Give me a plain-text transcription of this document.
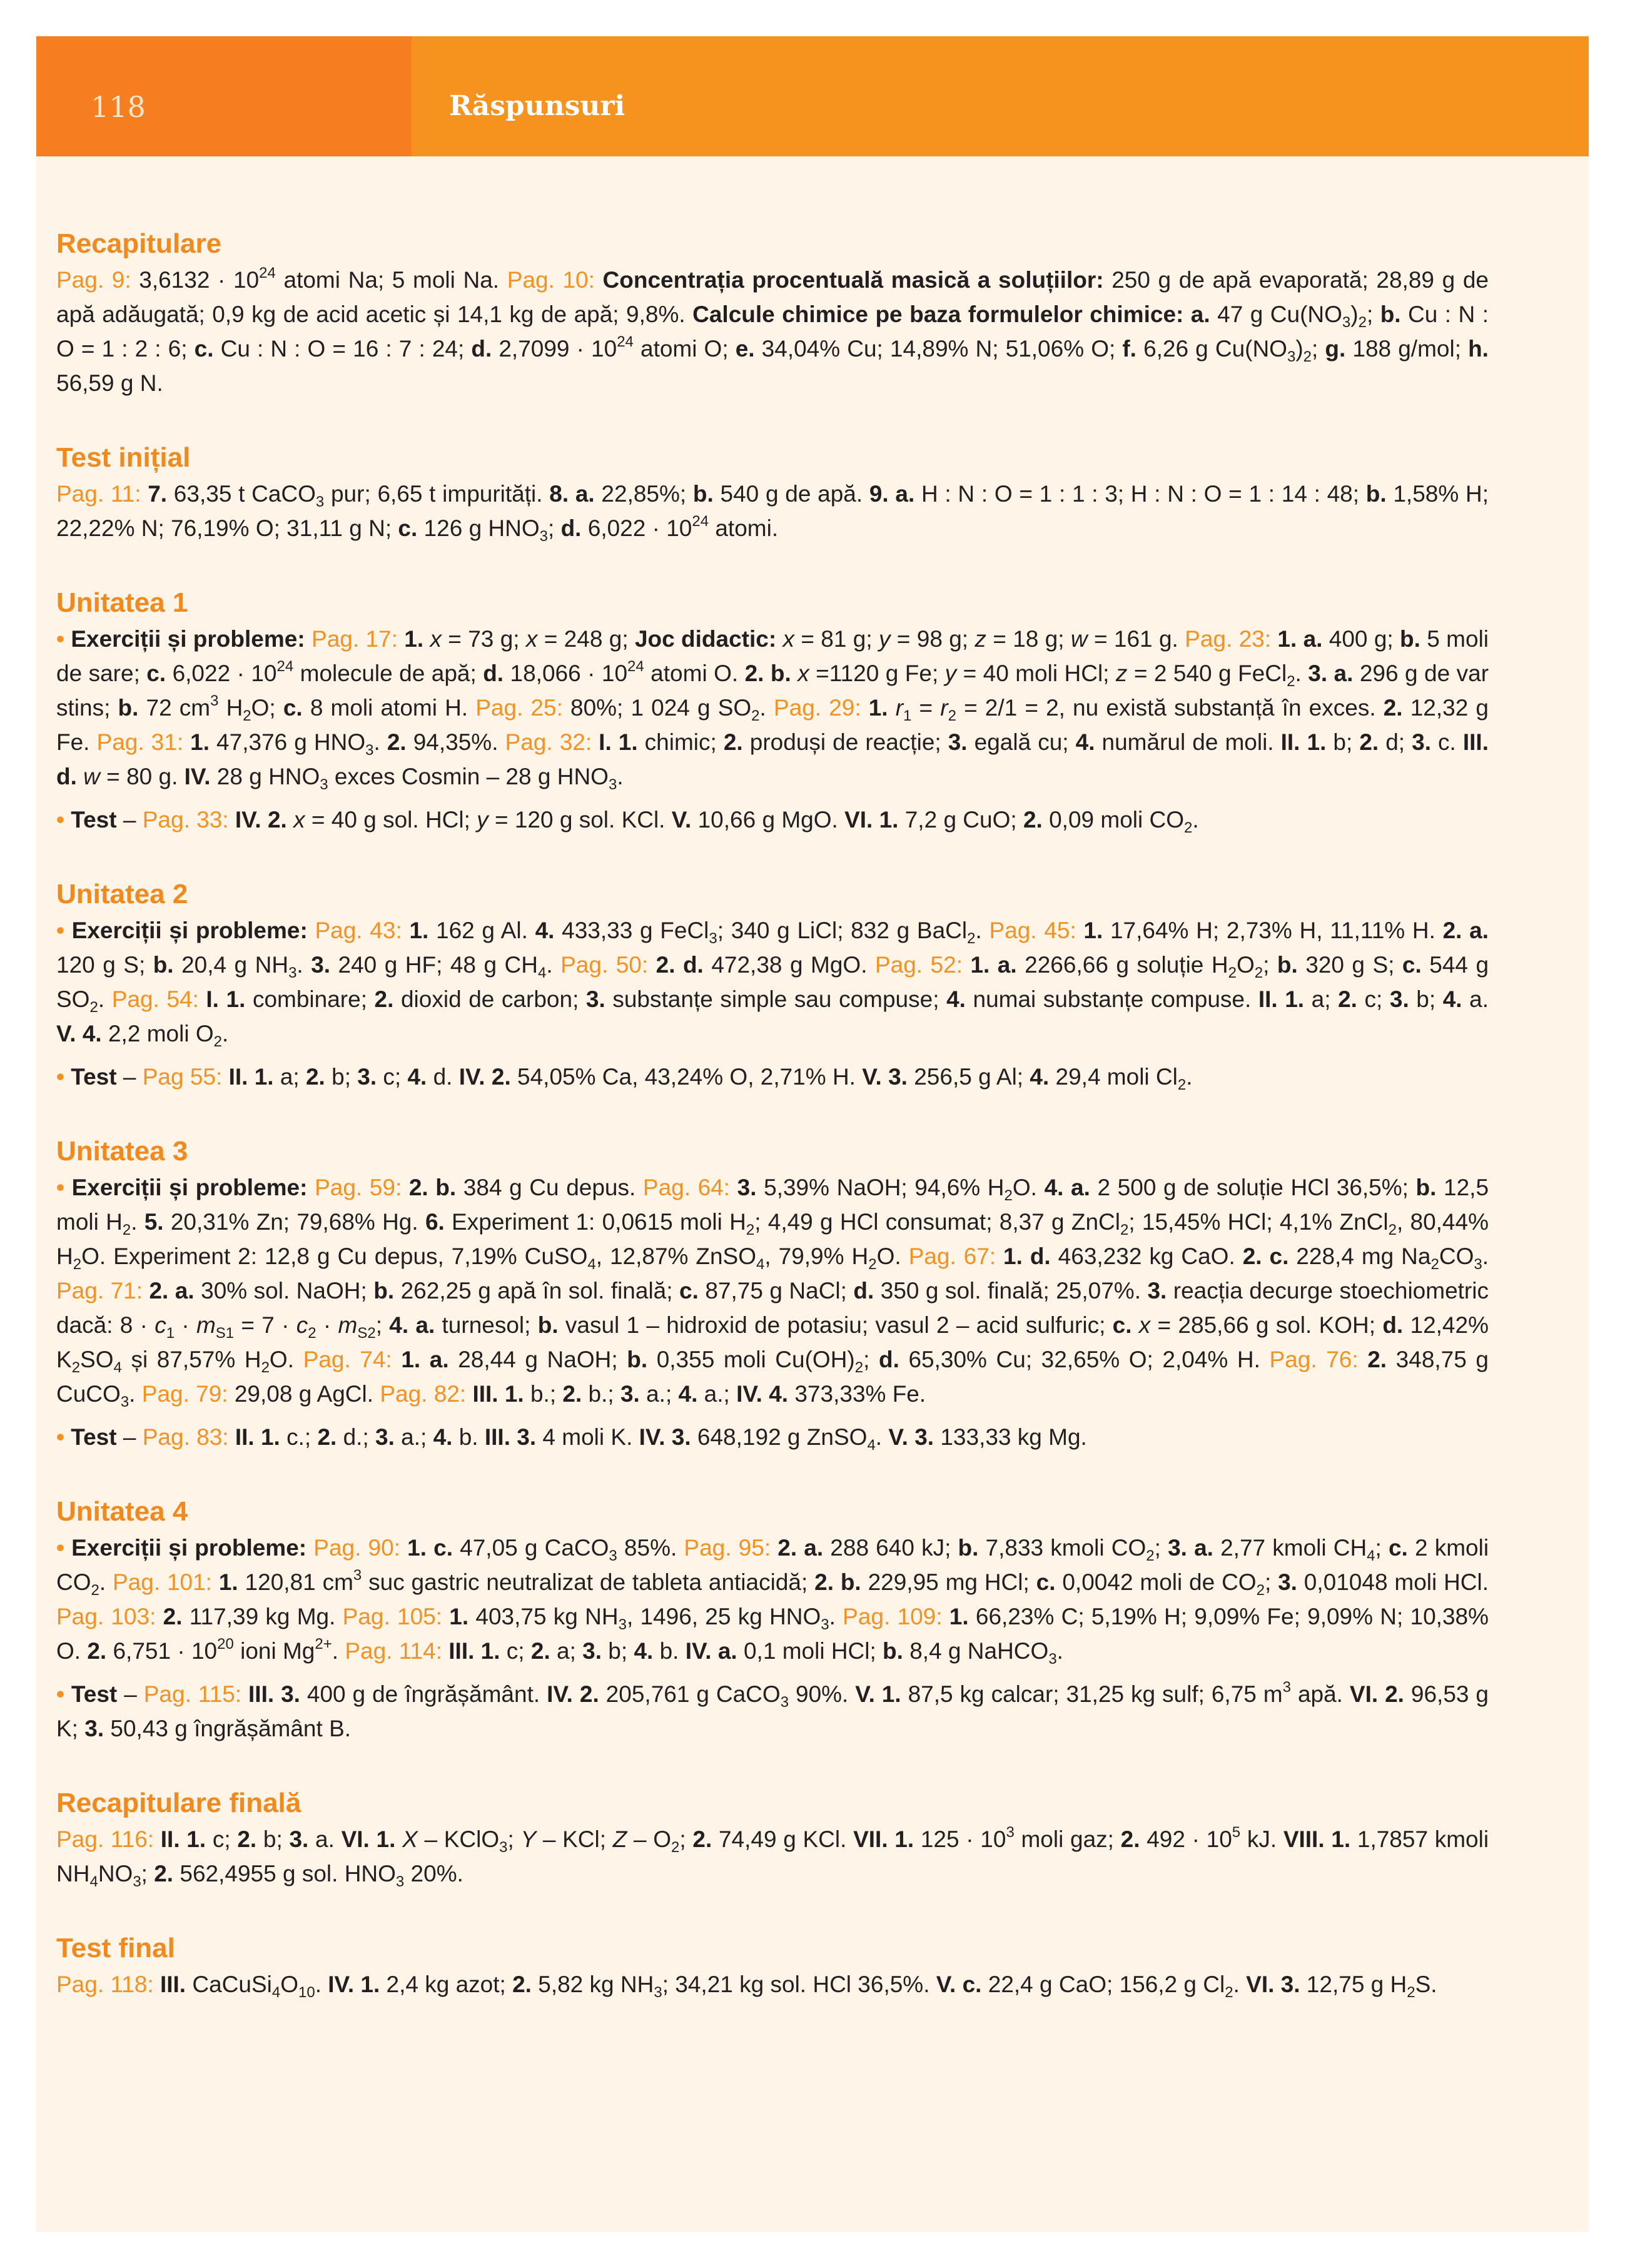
118	Răspunsuri
Recapitulare

Pag. 9: $3,6132 \cdot 10^{24}$ atomi Na; 5 moli Na. Pag. 10: Concentrația procentuală masică a soluțiilor: 250 g de apă evaporată; 28,89 g de apă adăugată; 0,9 kg de acid acetic și 14,1 kg de apă; 9,8%. Calcule chimice pe baza formulelor chimice: a. 47 g $Cu(NO_3)_2$; b. Cu : N : O = 1 : 2 : 6; c. Cu : N : O = 16 : 7 : 24; d. $2,7099 \cdot 10^{24}$ atomi O; e. 34,04% Cu; 14,89% N; 51,06% O; f. 6,26 g $Cu(NO_3)_2$; g. 188 g/mol; h. 56,59 g N.

Test inițial

Pag. 11: 7. 63,35 t CaCO$_3$ pur; 6,65 t impurități. 8. a. 22,85%; b. 540 g de apă. 9. a. H : N : O = 1 : 1 : 3; H : N : O = 1 : 14 : 48; b. 1,58% H; 22,22% N; 76,19% O; 31,11 g N; c. 126 g $HNO_3$; d. $6,022 \cdot 10^{24}$ atomi.

Unitatea 1

• Exerciții și probleme: Pag. 17: 1. x = 73 g; x = 248 g; Joc didactic: x = 81 g; y = 98 g; z = 18 g; w = 161 g. Pag. 23: 1. a. 400 g; b. 5 moli de sare; c. $6,022 \cdot 10^{24}$ molecule de apă; d. $18,066 \cdot 10^{24}$ atomi O. 2. b. x =1120 g Fe; y = 40 moli HCl; z = 2 540 g FeCl$_2$. 3. a. 296 g de var stins; b. 72 $cm^3$ $H_2O$; c. 8 moli atomi H. Pag. 25: 80%; 1 024 g $SO_2$. Pag. 29: 1. $r_1 = r_2 = 2/1 = 2$, nu există substanță în exces. 2. 12,32 g Fe. Pag. 31: 1. 47,376 g $HNO_3$. 2. 94,35%. Pag. 32: I. 1. chimic; 2. produși de reacție; 3. egală cu; 4. numărul de moli. II. 1. b; 2. d; 3. c. III. d. w = 80 g. IV. 28 g $HNO_3$ exces Cosmin – 28 g $HNO_3$.

• Test – Pag. 33: IV. 2. x = 40 g sol. HCl; y = 120 g sol. KCl. V. 10,66 g MgO. VI. 1. 7,2 g CuO; 2. 0,09 moli $CO_2$.

Unitatea 2

• Exerciții și probleme: Pag. 43: 1. 162 g Al. 4. 433,33 g FeCl$_3$; 340 g LiCl; 832 g BaCl$_2$. Pag. 45: 1. 17,64% H; 2,73% H, 11,11% H. 2. a. 120 g S; b. 20,4 g $NH_3$. 3. 240 g HF; 48 g $CH_4$. Pag. 50: 2. d. 472,38 g MgO. Pag. 52: 1. a. 2266,66 g soluție $H_2O_2$; b. 320 g S; c. 544 g $SO_2$. Pag. 54: I. 1. combinare; 2. dioxid de carbon; 3. substanțe simple sau compuse; 4. numai substanțe compuse. II. 1. a; 2. c; 3. b; 4. a. V. 4. 2,2 moli $O_2$.

• Test – Pag 55: II. 1. a; 2. b; 3. c; 4. d. IV. 2. 54,05% Ca, 43,24% O, 2,71% H. V. 3. 256,5 g Al; 4. 29,4 moli $Cl_2$.

Unitatea 3

• Exerciții și probleme: Pag. 59: 2. b. 384 g Cu depus. Pag. 64: 3. 5,39% NaOH; 94,6% $H_2O$. 4. a. 2 500 g de soluție HCl 36,5%; b. 12,5 moli $H_2$. 5. 20,31% Zn; 79,68% Hg. 6. Experiment 1: 0,0615 moli $H_2$; 4,49 g HCl consumat; 8,37 g ZnCl$_2$; 15,45% HCl; 4,1% ZnCl$_2$, 80,44% $H_2O$. Experiment 2: 12,8 g Cu depus, 7,19% CuSO$_4$, 12,87% ZnSO$_4$, 79,9% $H_2O$. Pag. 67: 1. d. 463,232 kg CaO. 2. c. 228,4 mg $Na_2CO_3$. Pag. 71: 2. a. 30% sol. NaOH; b. 262,25 g apă în sol. finală; c. 87,75 g NaCl; d. 350 g sol. finală; 25,07%. 3. reacția decurge stoechiometric dacă: $8 \cdot c_1 \cdot m_{S1} = 7 \cdot c_2 \cdot m_{S2}$; 4. a. turnesol; b. vasul 1 – hidroxid de potasiu; vasul 2 – acid sulfuric; c. x = 285,66 g sol. KOH; d. 12,42% $K_2SO_4$ și 87,57% $H_2O$. Pag. 74: 1. a. 28,44 g NaOH; b. 0,355 moli $Cu(OH)_2$; d. 65,30% Cu; 32,65% O; 2,04% H. Pag. 76: 2. 348,75 g CuCO$_3$. Pag. 79: 29,08 g AgCl. Pag. 82: III. 1. b.; 2. b.; 3. a.; 4. a.; IV. 4. 373,33% Fe.

• Test – Pag. 83: II. 1. c.; 2. d.; 3. a.; 4. b. III. 3. 4 moli K. IV. 3. 648,192 g ZnSO$_4$. V. 3. 133,33 kg Mg.

Unitatea 4

• Exerciții și probleme: Pag. 90: 1. c. 47,05 g CaCO$_3$ 85%. Pag. 95: 2. a. 288 640 kJ; b. 7,833 kmoli $CO_2$; 3. a. 2,77 kmoli $CH_4$; c. 2 kmoli $CO_2$. Pag. 101: 1. 120,81 $cm^3$ suc gastric neutralizat de tableta antiacidă; 2. b. 229,95 mg HCl; c. 0,0042 moli de $CO_2$; 3. 0,01048 moli HCl. Pag. 103: 2. 117,39 kg Mg. Pag. 105: 1. 403,75 kg $NH_3$, 1496, 25 kg $HNO_3$. Pag. 109: 1. 66,23% C; 5,19% H; 9,09% Fe; 9,09% N; 10,38% O. 2. $6,751 \cdot 10^{20}$ ioni $Mg^{2+}$. Pag. 114: III. 1. c; 2. a; 3. b; 4. b. IV. a. 0,1 moli HCl; b. 8,4 g NaHCO$_3$.

• Test – Pag. 115: III. 3. 400 g de îngrășământ. IV. 2. 205,761 g CaCO$_3$ 90%. V. 1. 87,5 kg calcar; 31,25 kg sulf; 6,75 $m^3$ apă. VI. 2. 96,53 g K; 3. 50,43 g îngrășământ B.

Recapitulare finală

Pag. 116: II. 1. c; 2. b; 3. a. VI. 1. X – KClO$_3$; Y – KCl; Z – $O_2$; 2. 74,49 g KCl. VII. 1. $125 \cdot 10^3$ moli gaz; 2. $492 \cdot 10^5$ kJ. VIII. 1. 1,7857 kmoli $NH_4NO_3$; 2. 562,4955 g sol. $HNO_3$ 20%.

Test final

Pag. 118: III. $CaCuSi_4O_{10}$. IV. 1. 2,4 kg azot; 2. 5,82 kg $NH_3$; 34,21 kg sol. HCl 36,5%. V. c. 22,4 g CaO; 156,2 g $Cl_2$. VI. 3. 12,75 g $H_2S$.
